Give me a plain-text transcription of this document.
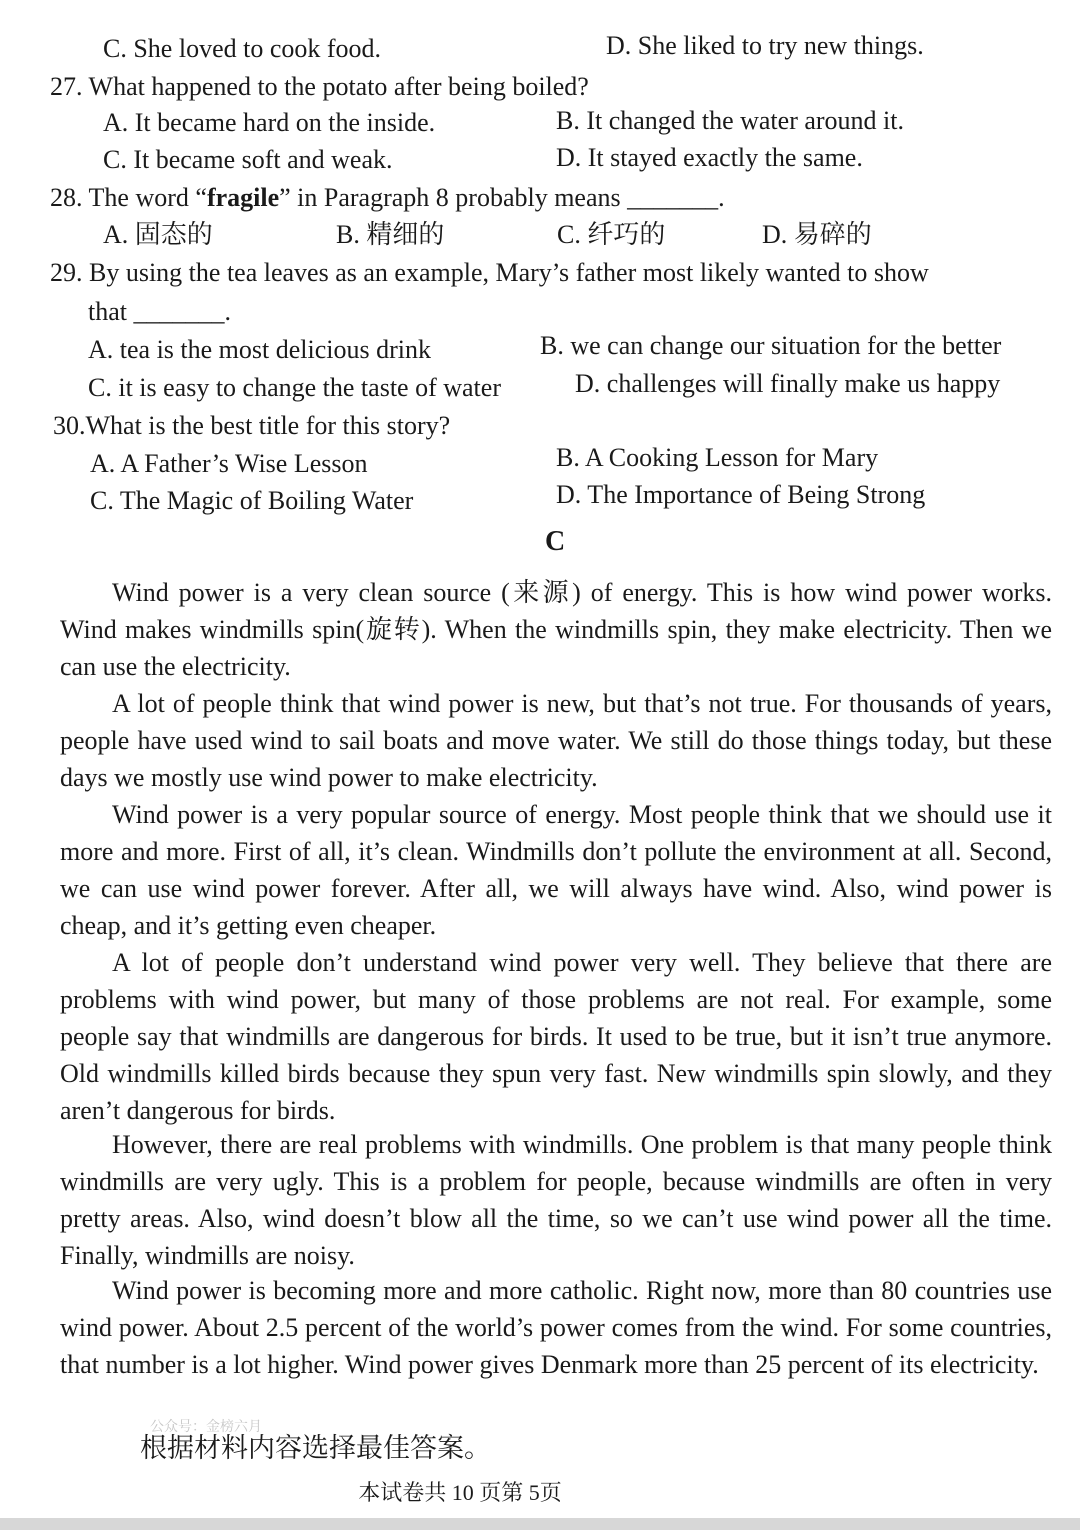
C. She loved to cook food.	D. She liked to try new things.
27. What happened to the potato after being boiled?
A. It became hard on the inside.	B. It changed the water around it.
C. It became soft and weak.	D. It stayed exactly the same.
28. The word “fragile” in Paragraph 8 probably means _______.
A. 固态的	B. 精细的	C. 纤巧的	D. 易碎的
29. By using the tea leaves as an example, Mary’s father most likely wanted to show
that _______.
A. tea is the most delicious drink	B. we can change our situation for the better
C. it is easy to change the taste of water	D. challenges will finally make us happy
30.What is the best title for this story?
A. A Father’s Wise Lesson	B. A Cooking Lesson for Mary
C. The Magic of Boiling Water	D. The Importance of Being Strong
C
Wind power is a very clean source (来源) of energy. This is how wind power works. Wind makes windmills spin(旋转). When the windmills spin, they make electricity. Then we can use the electricity.
A lot of people think that wind power is new, but that’s not true. For thousands of years, people have used wind to sail boats and move water. We still do those things today, but these days we mostly use wind power to make electricity.
Wind power is a very popular source of energy. Most people think that we should use it more and more. First of all, it’s clean. Windmills don’t pollute the environment at all. Second, we can use wind power forever. After all, we will always have wind. Also, wind power is cheap, and it’s getting even cheaper.
A lot of people don’t understand wind power very well. They believe that there are problems with wind power, but many of those problems are not real. For example, some people say that windmills are dangerous for birds. It used to be true, but it isn’t true anymore. Old windmills killed birds because they spun very fast. New windmills spin slowly, and they aren’t dangerous for birds.
However, there are real problems with windmills. One problem is that many people think windmills are very ugly. This is a problem for people, because windmills are often in very pretty areas. Also, wind doesn’t blow all the time, so we can’t use wind power all the time. Finally, windmills are noisy.
Wind power is becoming more and more catholic. Right now, more than 80 countries use wind power. About 2.5 percent of the world’s power comes from the wind. For some countries, that number is a lot higher. Wind power gives Denmark more than 25 percent of its electricity.
公众号：金榜六月
根据材料内容选择最佳答案。
本试卷共 10 页第 5页
